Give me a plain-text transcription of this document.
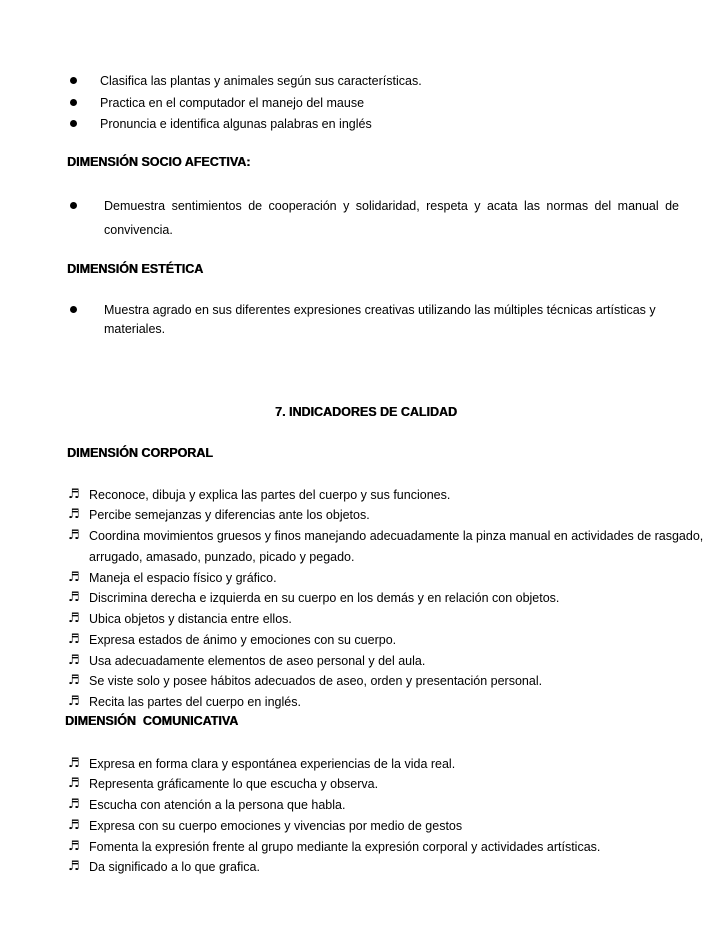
Clasifica las plantas y animales según sus características.
Practica en el computador el manejo del mause
Pronuncia e identifica algunas palabras en inglés
DIMENSIÓN SOCIO AFECTIVA:
Demuestra sentimientos de cooperación y solidaridad, respeta y acata las normas del manual de
convivencia.
DIMENSIÓN ESTÉTICA
Muestra agrado en sus diferentes expresiones creativas utilizando las múltiples técnicas artísticas y
materiales.
7. INDICADORES DE CALIDAD
DIMENSIÓN CORPORAL
♬ Reconoce, dibuja y explica las partes del cuerpo y sus funciones.
♬ Percibe semejanzas y diferencias ante los objetos.
♬ Coordina movimientos gruesos y finos manejando adecuadamente la pinza manual en actividades de rasgado,
arrugado, amasado, punzado, picado y pegado.
♬ Maneja el espacio físico y gráfico.
♬ Discrimina derecha e izquierda en su cuerpo en los demás y en relación con objetos.
♬ Ubica objetos y distancia entre ellos.
♬ Expresa estados de ánimo y emociones con su cuerpo.
♬ Usa adecuadamente elementos de aseo personal y del aula.
♬ Se viste solo y posee hábitos adecuados de aseo, orden y presentación personal.
♬ Recita las partes del cuerpo en inglés.
DIMENSIÓN  COMUNICATIVA
♬ Expresa en forma clara y espontánea experiencias de la vida real.
♬ Representa gráficamente lo que escucha y observa.
♬ Escucha con atención a la persona que habla.
♬ Expresa con su cuerpo emociones y vivencias por medio de gestos
♬ Fomenta la expresión frente al grupo mediante la expresión corporal y actividades artísticas.
♬ Da significado a lo que grafica.
